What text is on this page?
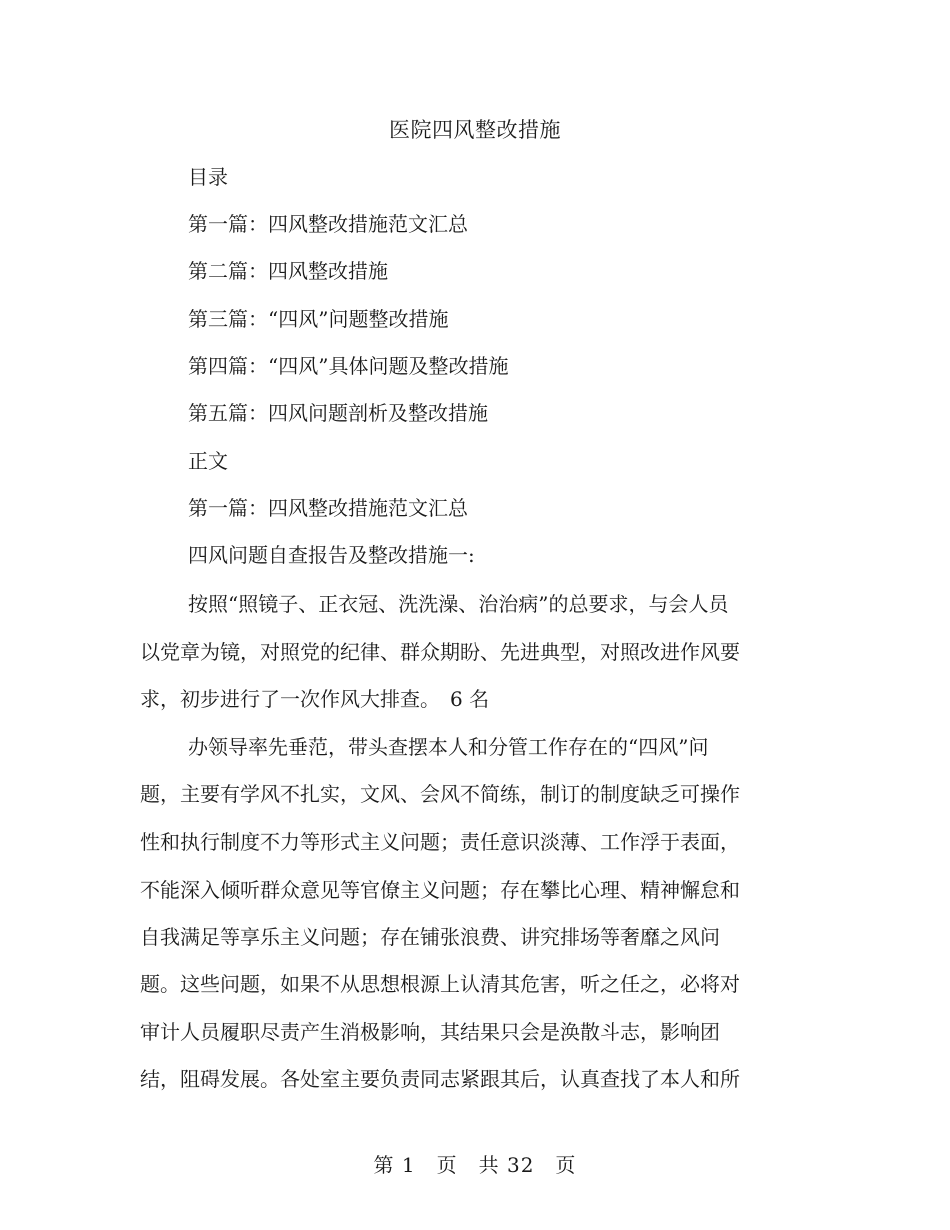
医院四风整改措施
目录
第一篇：四风整改措施范文汇总
第二篇：四风整改措施
第三篇：“四风”问题整改措施
第四篇：“四风”具体问题及整改措施
第五篇：四风问题剖析及整改措施
正文
第一篇：四风整改措施范文汇总
四风问题自查报告及整改措施一:
按照“照镜子、正衣冠、洗洗澡、治治病”的总要求，与会人员
以党章为镜，对照党的纪律、群众期盼、先进典型，对照改进作风要
求，初步进行了一次作风大排查。　6 名
办领导率先垂范，带头查摆本人和分管工作存在的“四风”问
题，主要有学风不扎实，文风、会风不简练，制订的制度缺乏可操作
性和执行制度不力等形式主义问题；责任意识淡薄、工作浮于表面，
不能深入倾听群众意见等官僚主义问题；存在攀比心理、精神懈怠和
自我满足等享乐主义问题；存在铺张浪费、讲究排场等奢靡之风问
题。这些问题，如果不从思想根源上认清其危害，听之任之，必将对
审计人员履职尽责产生消极影响，其结果只会是涣散斗志，影响团
结，阻碍发展。各处室主要负责同志紧跟其后，认真查找了本人和所
第 1　页　共 32　页
